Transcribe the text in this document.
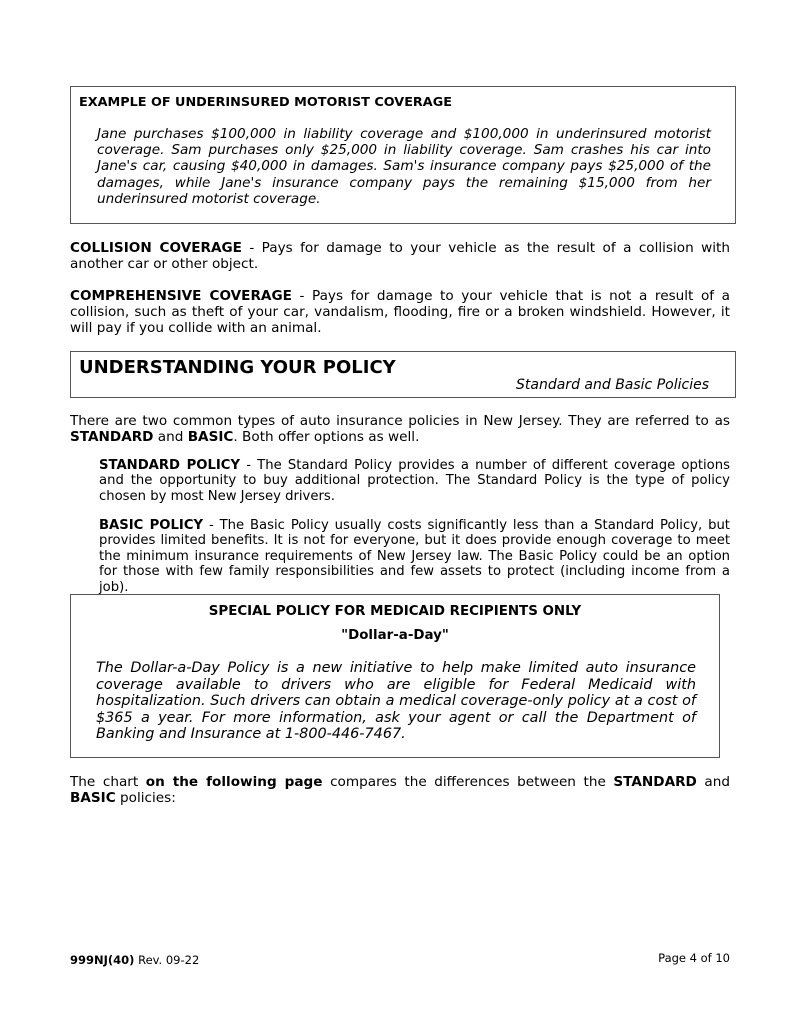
EXAMPLE OF UNDERINSURED MOTORIST COVERAGE
Jane purchases $100,000 in liability coverage and $100,000 in underinsured motorist coverage. Sam purchases only $25,000 in liability coverage. Sam crashes his car into Jane's car, causing $40,000 in damages. Sam's insurance company pays $25,000 of the damages, while Jane's insurance company pays the remaining $15,000 from her underinsured motorist coverage.
COLLISION COVERAGE - Pays for damage to your vehicle as the result of a collision with another car or other object.
COMPREHENSIVE COVERAGE - Pays for damage to your vehicle that is not a result of a collision, such as theft of your car, vandalism, flooding, fire or a broken windshield. However, it will pay if you collide with an animal.
UNDERSTANDING YOUR POLICY
Standard and Basic Policies
There are two common types of auto insurance policies in New Jersey. They are referred to as STANDARD and BASIC. Both offer options as well.
STANDARD POLICY - The Standard Policy provides a number of different coverage options and the opportunity to buy additional protection. The Standard Policy is the type of policy chosen by most New Jersey drivers.
BASIC POLICY - The Basic Policy usually costs significantly less than a Standard Policy, but provides limited benefits. It is not for everyone, but it does provide enough coverage to meet the minimum insurance requirements of New Jersey law. The Basic Policy could be an option for those with few family responsibilities and few assets to protect (including income from a job).
SPECIAL POLICY FOR MEDICAID RECIPIENTS ONLY
"Dollar-a-Day"
The Dollar-a-Day Policy is a new initiative to help make limited auto insurance coverage available to drivers who are eligible for Federal Medicaid with hospitalization. Such drivers can obtain a medical coverage-only policy at a cost of $365 a year. For more information, ask your agent or call the Department of Banking and Insurance at 1-800-446-7467.
The chart on the following page compares the differences between the STANDARD and BASIC policies:
999NJ(40) Rev. 09-22	Page 4 of 10
